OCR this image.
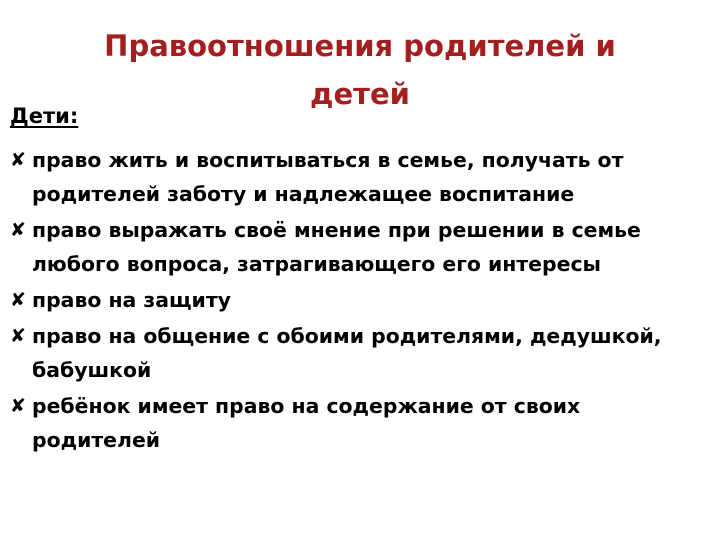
Правоотношения родителей и
детей
Дети:
✘ право жить и воспитываться в семье, получать от родителей заботу и надлежащее воспитание
✘ право выражать своё мнение при решении в семье любого вопроса, затрагивающего его интересы
✘ право на защиту
✘ право на общение с обоими родителями, дедушкой, бабушкой
✘ ребёнок имеет право на содержание от своих родителей
